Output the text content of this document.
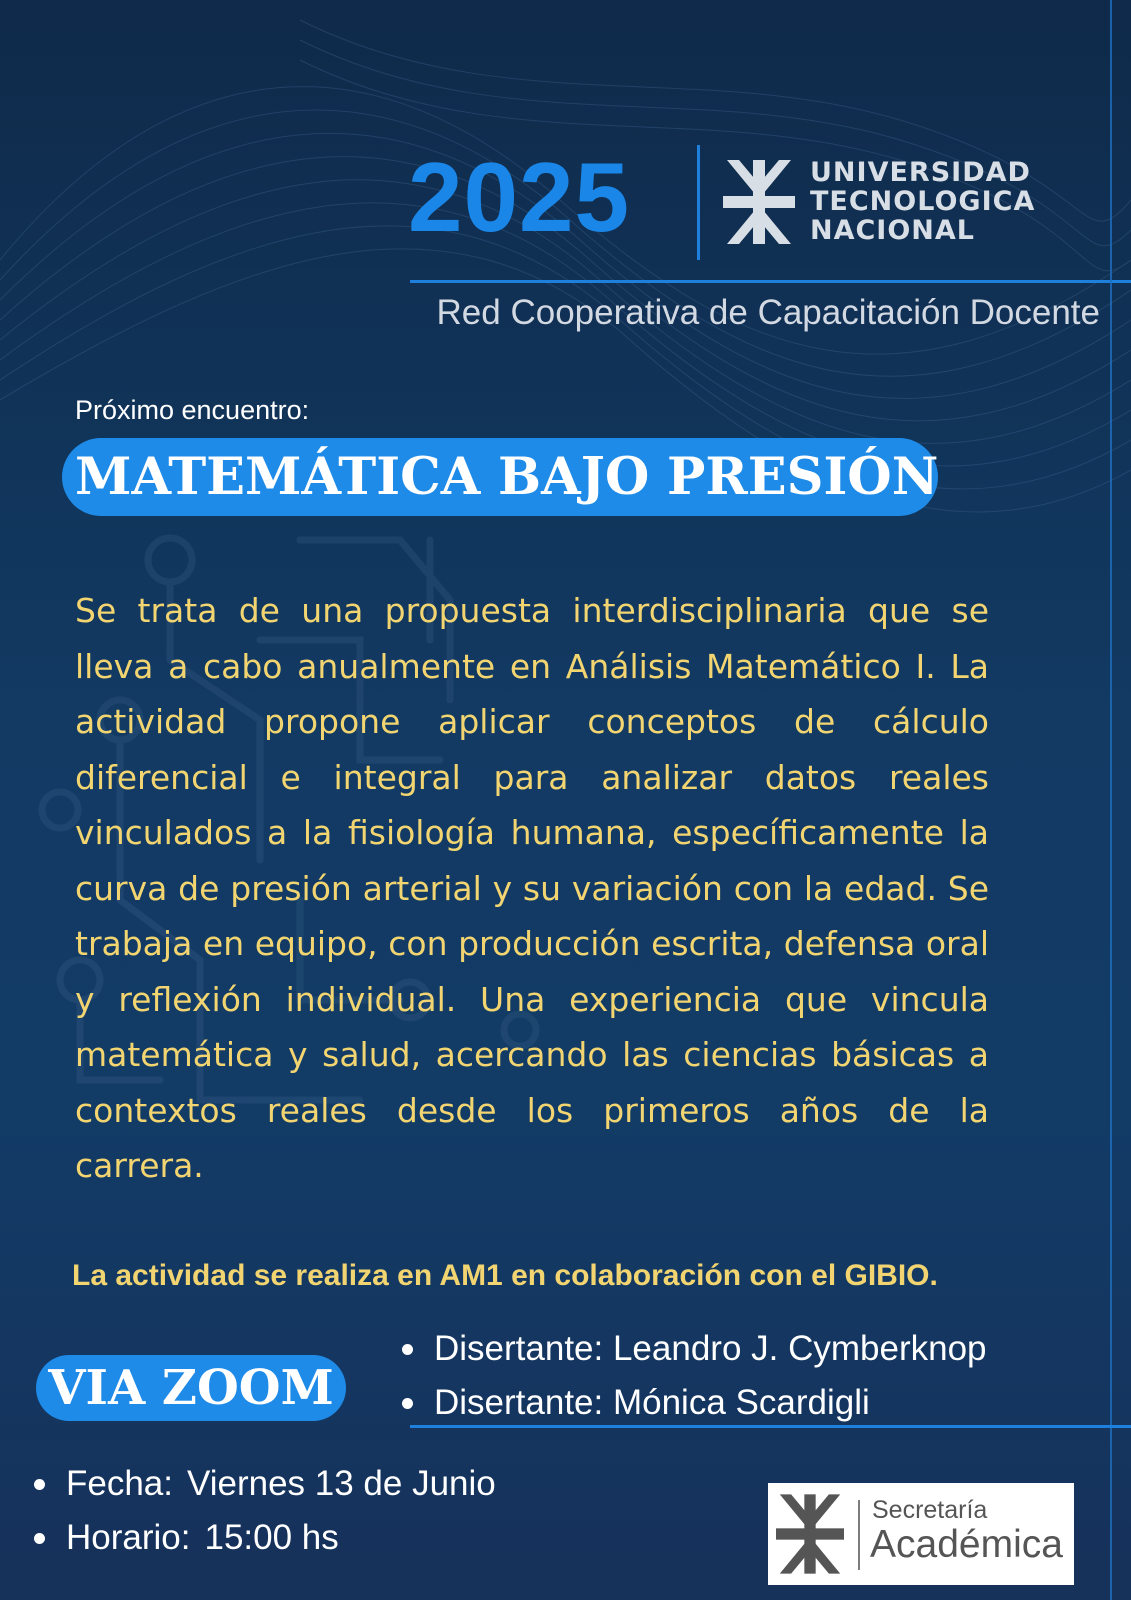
2025	UNIVERSIDAD
TECNOLOGICA
NACIONAL
Red Cooperativa de Capacitación Docente
Próximo encuentro:
MATEMÁTICA BAJO PRESIÓN

Se trata de una propuesta interdisciplinaria que se lleva a cabo anualmente en Análisis Matemático I. La actividad propone aplicar conceptos de cálculo diferencial e integral para analizar datos reales vinculados a la fisiología humana, específicamente la curva de presión arterial y su variación con la edad. Se trabaja en equipo, con producción escrita, defensa oral y reflexión individual. Una experiencia que vincula matemática y salud, acercando las ciencias básicas a contextos reales desde los primeros años de la carrera.

La actividad se realiza en AM1 en colaboración con el GIBIO.
VIA ZOOM
Disertante: Leandro J. Cymberknop
Disertante: Mónica Scardigli
Fecha: Viernes 13 de Junio
Horario: 15:00 hs
Secretaría
Académica
